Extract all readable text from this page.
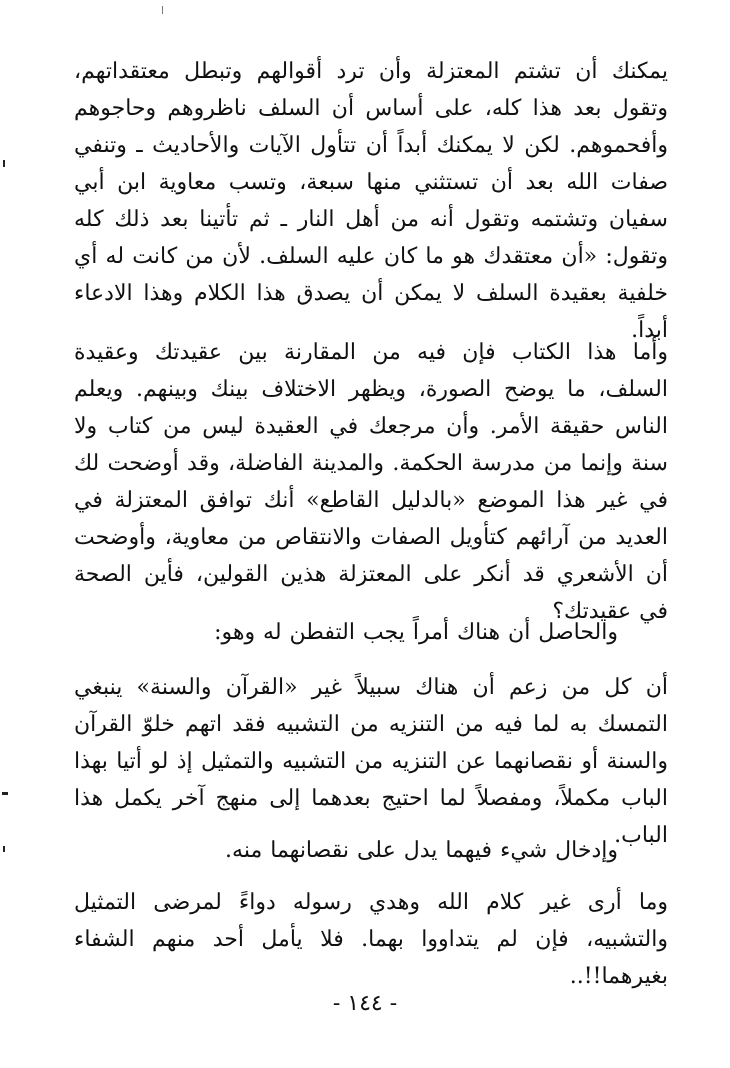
يمكنك أن تشتم المعتزلة وأن ترد أقوالهم وتبطل معتقداتهم، وتقول بعد هذا كله، على أساس أن السلف ناظروهم وحاجوهم وأفحموهم. لكن لا يمكنك أبداً أن تتأول الآيات والأحاديث ـ وتنفي صفات الله بعد أن تستثني منها سبعة، وتسب معاوية ابن أبي سفيان وتشتمه وتقول أنه من أهل النار ـ ثم تأتينا بعد ذلك كله وتقول: «أن معتقدك هو ما كان عليه السلف. لأن من كانت له أي خلفية بعقيدة السلف لا يمكن أن يصدق هذا الكلام وهذا الادعاء أبداً.

وأما هذا الكتاب فإن فيه من المقارنة بين عقيدتك وعقيدة السلف، ما يوضح الصورة، ويظهر الاختلاف بينك وبينهم. ويعلم الناس حقيقة الأمر. وأن مرجعك في العقيدة ليس من كتاب ولا سنة وإنما من مدرسة الحكمة. والمدينة الفاضلة، وقد أوضحت لك في غير هذا الموضع «بالدليل القاطع» أنك توافق المعتزلة في العديد من آرائهم كتأويل الصفات والانتقاص من معاوية، وأوضحت أن الأشعري قد أنكر على المعتزلة هذين القولين، فأين الصحة في عقيدتك؟

والحاصل أن هناك أمراً يجب التفطن له وهو:

أن كل من زعم أن هناك سبيلاً غير «القرآن والسنة» ينبغي التمسك به لما فيه من التنزيه من التشبيه فقد اتهم خلوّ القرآن والسنة أو نقصانهما عن التنزيه من التشبيه والتمثيل إذ لو أتيا بهذا الباب مكملاً، ومفصلاً لما احتيج بعدهما إلى منهج آخر يكمل هذا الباب.

وإدخال شيء فيهما يدل على نقصانهما منه.

وما أرى غير كلام الله وهدي رسوله دواءً لمرضى التمثيل والتشبيه، فإن لم يتداووا بهما. فلا يأمل أحد منهم الشفاء بغيرهما!!..

- ١٤٤ -
